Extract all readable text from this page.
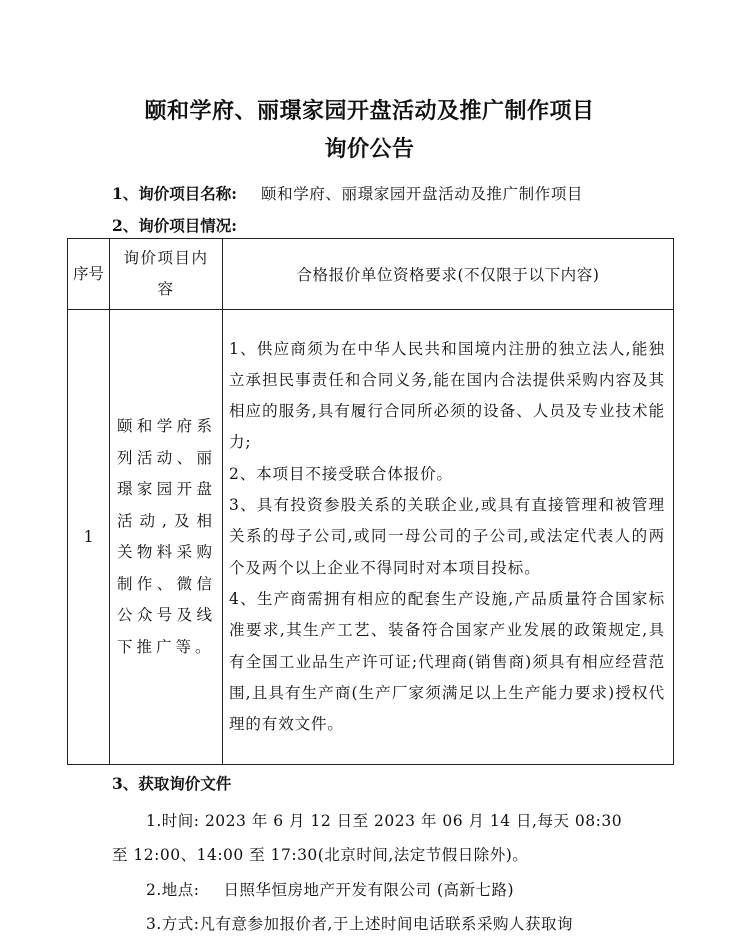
颐和学府、丽璟家园开盘活动及推广制作项目
询价公告
1、询价项目名称: 颐和学府、丽璟家园开盘活动及推广制作项目
2、询价项目情况:
序号	询价项目内容	合格报价单位资格要求(不仅限于以下内容)
1	颐和学府系列活动、丽璟家园开盘活动,及相关物料采购制作、微信公众号及线下推广等。	1、供应商须为在中华人民共和国境内注册的独立法人,能独立承担民事责任和合同义务,能在国内合法提供采购内容及其相应的服务,具有履行合同所必须的设备、人员及专业技术能力;

2、本项目不接受联合体报价。

3、具有投资参股关系的关联企业,或具有直接管理和被管理关系的母子公司,或同一母公司的子公司,或法定代表人的两个及两个以上企业不得同时对本项目投标。

4、生产商需拥有相应的配套生产设施,产品质量符合国家标准要求,其生产工艺、装备符合国家产业发展的政策规定,具有全国工业品生产许可证;代理商(销售商)须具有相应经营范围,且具有生产商(生产厂家须满足以上生产能力要求)授权代理的有效文件。

3、获取询价文件
1.时间: 2023 年 6 月 12 日至 2023 年 06 月 14 日,每天 08:30
至 12:00、14:00 至 17:30(北京时间,法定节假日除外)。
2.地点: 日照华恒房地产开发有限公司 (高新七路)
3.方式:凡有意参加报价者,于上述时间电话联系采购人获取询
